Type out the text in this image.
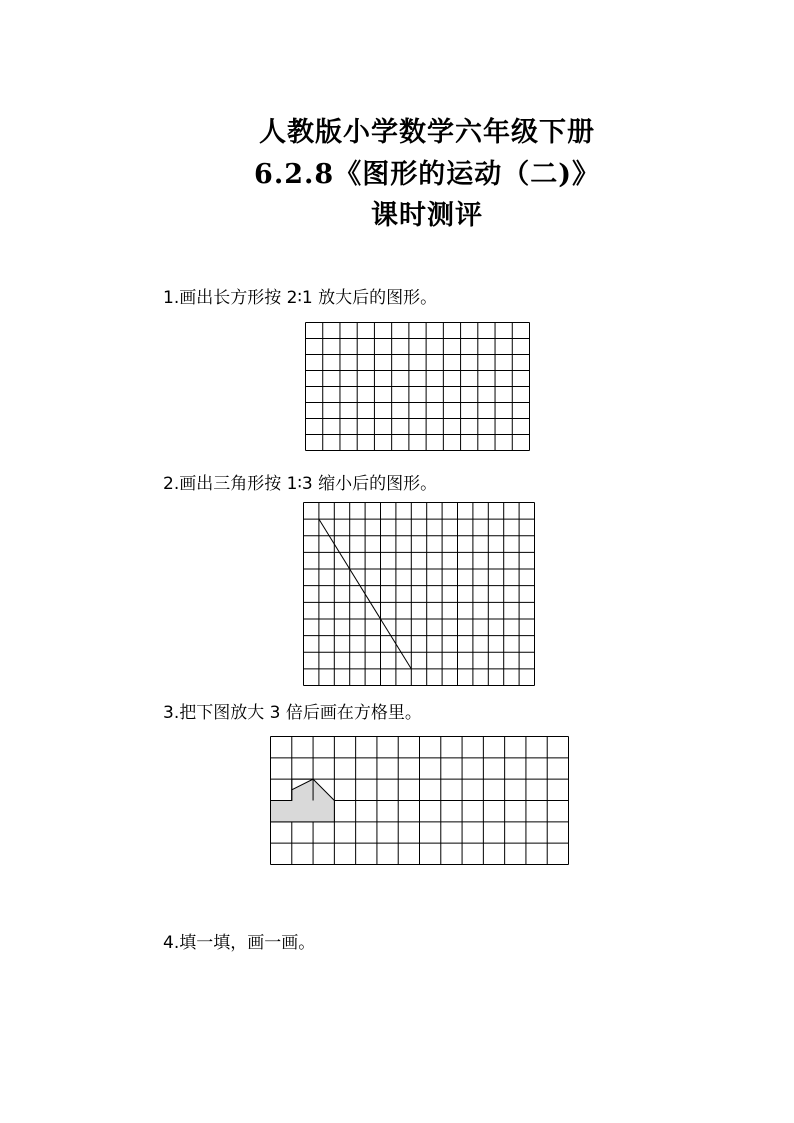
人教版小学数学六年级下册
6.2.8《图形的运动（二)》
课时测评
1.画出长方形按 2∶1 放大后的图形。
2.画出三角形按 1∶3 缩小后的图形。
3.把下图放大 3 倍后画在方格里。
4.填一填，画一画。
